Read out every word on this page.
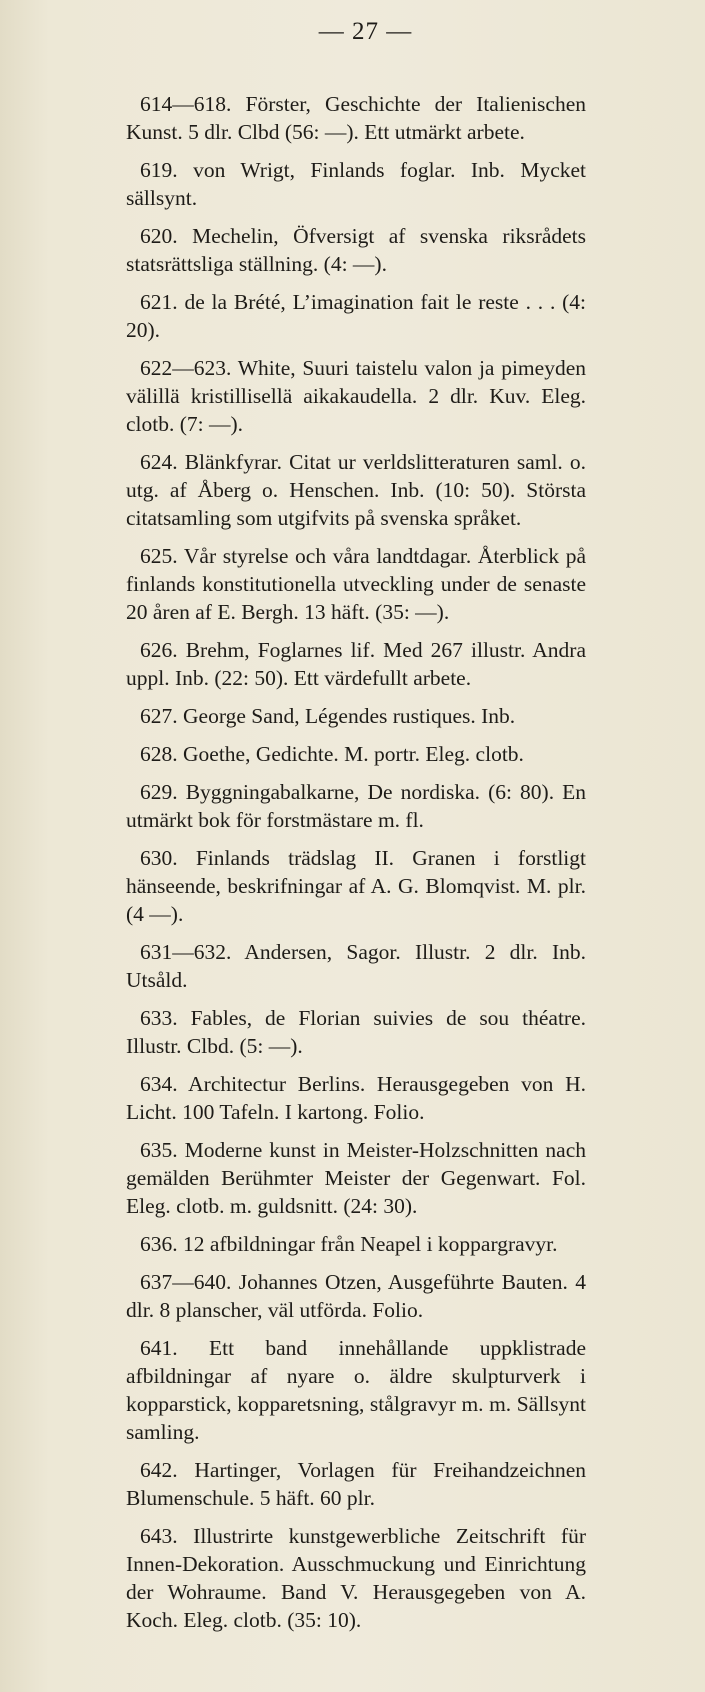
— 27 —

614—618. Förster, Geschichte der Italienischen Kunst. 5 dlr. Clbd (56: —). Ett utmärkt arbete.

619. von Wrigt, Finlands foglar. Inb. Mycket sällsynt.

620. Mechelin, Öfversigt af svenska riksrådets statsrättsliga ställning. (4: —).

621. de la Brété, L’imagination fait le reste . . . (4: 20).

622—623. White, Suuri taistelu valon ja pimeyden välillä kristillisellä aikakaudella. 2 dlr. Kuv. Eleg. clotb. (7: —).

624. Blänkfyrar. Citat ur verldslitteraturen saml. o. utg. af Åberg o. Henschen. Inb. (10: 50). Största citatsamling som utgifvits på svenska språket.

625. Vår styrelse och våra landtdagar. Återblick på finlands konstitutionella utveckling under de senaste 20 åren af E. Bergh. 13 häft. (35: —).

626. Brehm, Foglarnes lif. Med 267 illustr. Andra uppl. Inb. (22: 50). Ett värdefullt arbete.

627. George Sand, Légendes rustiques. Inb.

628. Goethe, Gedichte. M. portr. Eleg. clotb.

629. Byggningabalkarne, De nordiska. (6: 80). En utmärkt bok för forstmästare m. fl.

630. Finlands trädslag II. Granen i forstligt hänseende, beskrifningar af A. G. Blomqvist. M. plr. (4 —).

631—632. Andersen, Sagor. Illustr. 2 dlr. Inb. Utsåld.

633. Fables, de Florian suivies de sou théatre. Illustr. Clbd. (5: —).

634. Architectur Berlins. Herausgegeben von H. Licht. 100 Tafeln. I kartong. Folio.

635. Moderne kunst in Meister-Holzschnitten nach gemälden Berühmter Meister der Gegenwart. Fol. Eleg. clotb. m. guldsnitt. (24: 30).

636. 12 afbildningar från Neapel i koppargravyr.

637—640. Johannes Otzen, Ausgeführte Bauten. 4 dlr. 8 planscher, väl utförda. Folio.

641. Ett band innehållande uppklistrade afbildningar af nyare o. äldre skulpturverk i kopparstick, kopparetsning, stålgravyr m. m. Sällsynt samling.

642. Hartinger, Vorlagen für Freihandzeichnen Blumenschule. 5 häft. 60 plr.

643. Illustrirte kunstgewerbliche Zeitschrift für Innen-Dekoration. Ausschmuckung und Einrichtung der Wohraume. Band V. Herausgegeben von A. Koch. Eleg. clotb. (35: 10).
